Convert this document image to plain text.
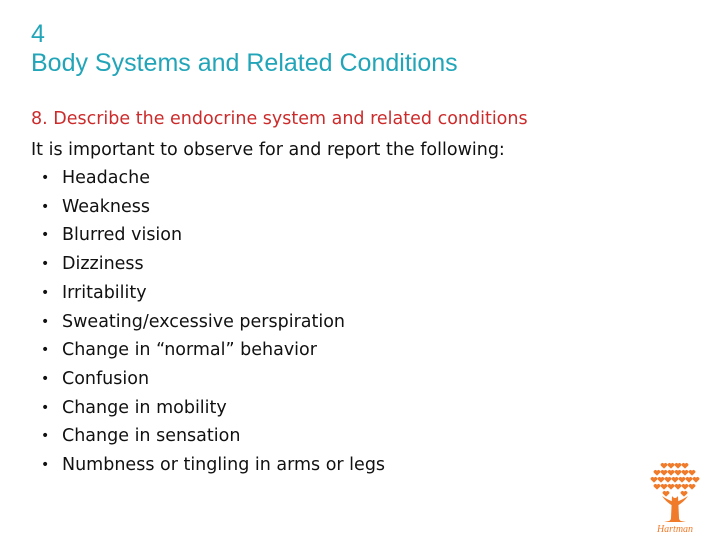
4
Body Systems and Related Conditions

8. Describe the endocrine system and related conditions

It is important to observe for and report the following:

• Headache
• Weakness
• Blurred vision
• Dizziness
• Irritability
• Sweating/excessive perspiration
• Change in “normal” behavior
• Confusion
• Change in mobility
• Change in sensation
• Numbness or tingling in arms or legs
Hartman
